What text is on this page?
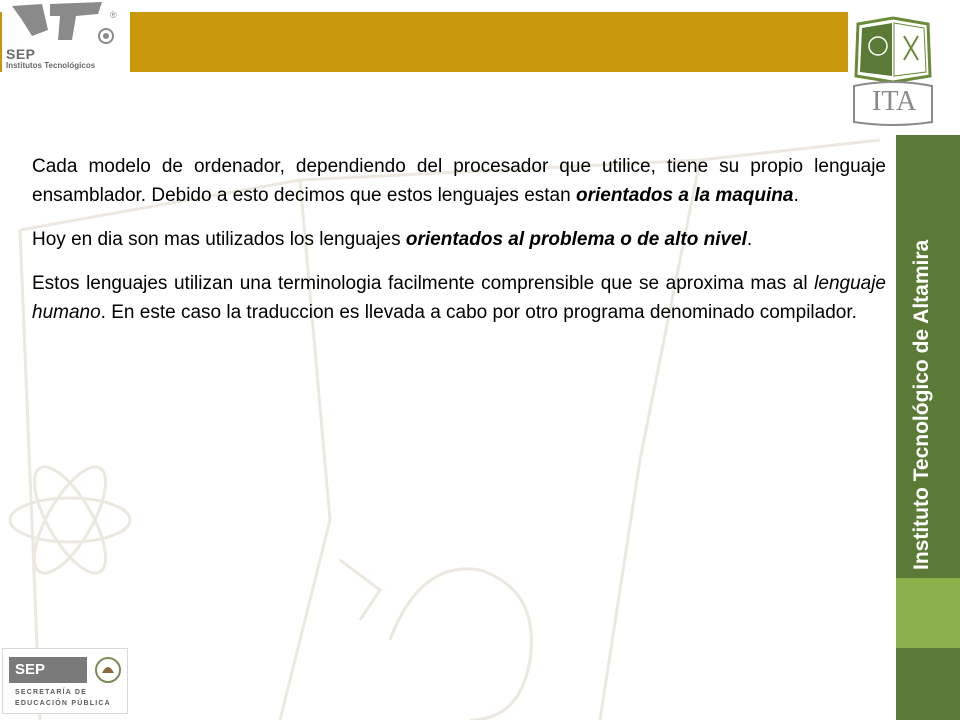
SEP
Institutos Tecnológicos
®
ITA
Instituto Tecnológico de Altamira

Cada modelo de ordenador, dependiendo del procesador que utilice, tiene su propio lenguaje ensamblador. Debido a esto decimos que estos lenguajes estan orientados a la maquina.

Hoy en dia son mas utilizados los lenguajes orientados al problema o de alto nivel.

Estos lenguajes utilizan una terminologia facilmente comprensible que se aproxima mas al lenguaje humano. En este caso la traduccion es llevada a cabo por otro programa denominado compilador.

SEP
SECRETARÍA DE
EDUCACIÓN PÚBLICA
